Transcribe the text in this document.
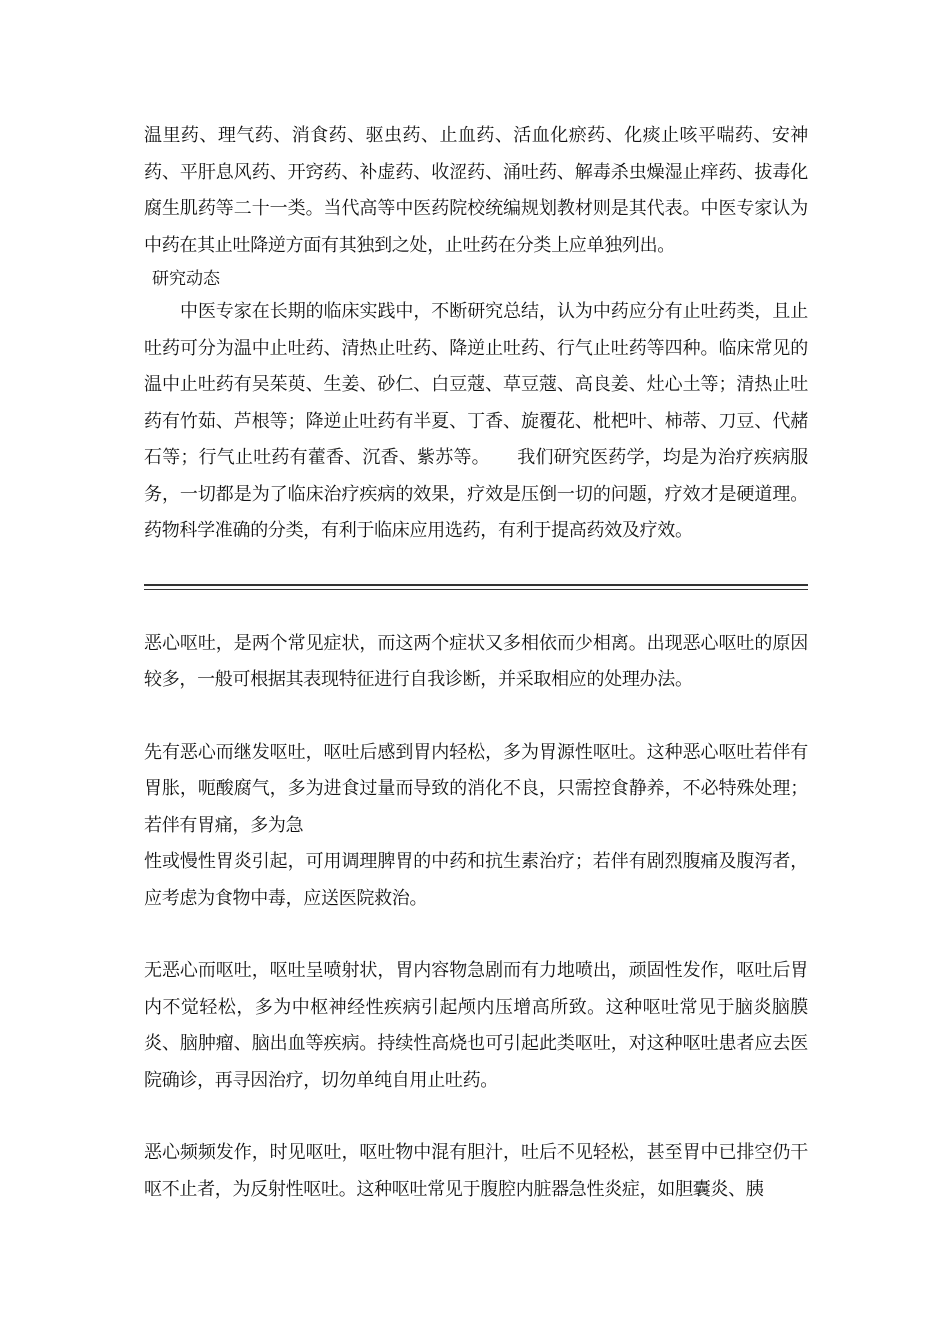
温里药、理气药、消食药、驱虫药、止血药、活血化瘀药、化痰止咳平喘药、安神药、平肝息风药、开窍药、补虚药、收涩药、涌吐药、解毒杀虫燥湿止痒药、拔毒化腐生肌药等二十一类。当代高等中医药院校统编规划教材则是其代表。中医专家认为中药在其止吐降逆方面有其独到之处，止吐药在分类上应单独列出。

研究动态

中医专家在长期的临床实践中，不断研究总结，认为中药应分有止吐药类，且止吐药可分为温中止吐药、清热止吐药、降逆止吐药、行气止吐药等四种。临床常见的温中止吐药有吴茱萸、生姜、砂仁、白豆蔻、草豆蔻、高良姜、灶心土等；清热止吐药有竹茹、芦根等；降逆止吐药有半夏、丁香、旋覆花、枇杷叶、柿蒂、刀豆、代赭石等；行气止吐药有藿香、沉香、紫苏等。　　我们研究医药学，均是为治疗疾病服务，一切都是为了临床治疗疾病的效果，疗效是压倒一切的问题，疗效才是硬道理。药物科学准确的分类，有利于临床应用选药，有利于提高药效及疗效。

恶心呕吐，是两个常见症状，而这两个症状又多相依而少相离。出现恶心呕吐的原因较多，一般可根据其表现特征进行自我诊断，并采取相应的处理办法。

先有恶心而继发呕吐，呕吐后感到胃内轻松，多为胃源性呕吐。这种恶心呕吐若伴有胃胀，呃酸腐气，多为进食过量而导致的消化不良，只需控食静养，不必特殊处理；若伴有胃痛，多为急
性或慢性胃炎引起，可用调理脾胃的中药和抗生素治疗；若伴有剧烈腹痛及腹泻者，应考虑为食物中毒，应送医院救治。

无恶心而呕吐，呕吐呈喷射状，胃内容物急剧而有力地喷出，顽固性发作，呕吐后胃内不觉轻松，多为中枢神经性疾病引起颅内压增高所致。这种呕吐常见于脑炎脑膜炎、脑肿瘤、脑出血等疾病。持续性高烧也可引起此类呕吐，对这种呕吐患者应去医院确诊，再寻因治疗，切勿单纯自用止吐药。

恶心频频发作，时见呕吐，呕吐物中混有胆汁，吐后不见轻松，甚至胃中已排空仍干呕不止者，为反射性呕吐。这种呕吐常见于腹腔内脏器急性炎症，如胆囊炎、胰
